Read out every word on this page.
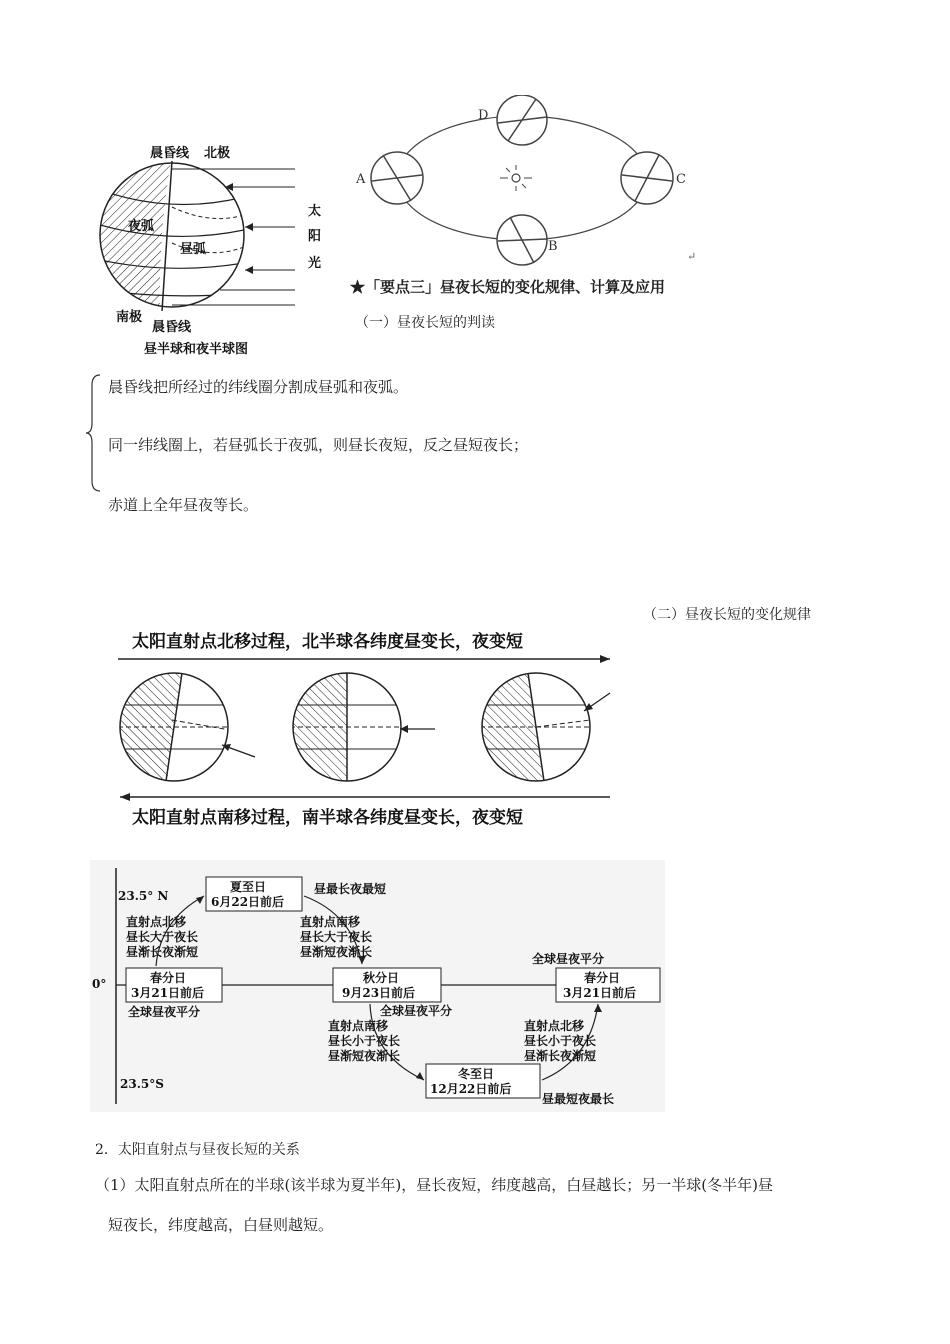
晨昏线 北极
夜弧
昼弧
太
阳
光
南极
晨昏线
昼半球和夜半球图
A
B
C
D
↵
★「要点三」昼夜长短的变化规律、计算及应用
（一）昼夜长短的判读
晨昏线把所经过的纬线圈分割成昼弧和夜弧。
同一纬线圈上，若昼弧长于夜弧，则昼长夜短，反之昼短夜长；
赤道上全年昼夜等长。
（二）昼夜长短的变化规律
太阳直射点北移过程，北半球各纬度昼变长，夜变短
太阳直射点南移过程，南半球各纬度昼变长，夜变短
23.5° N
0°
23.5°S
夏至日
6月22日前后
昼最长夜最短
春分日
3月21日前后
全球昼夜平分
秋分日
9月23日前后
全球昼夜平分
春分日
3月21日前后
全球昼夜平分
冬至日
12月22日前后
昼最短夜最长
直射点北移
昼长大于夜长
昼渐长夜渐短
直射点南移
昼长大于夜长
昼渐短夜渐长
直射点南移
昼长小于夜长
昼渐短夜渐长
直射点北移
昼长小于夜长
昼渐长夜渐短
2．太阳直射点与昼夜长短的关系
（1）太阳直射点所在的半球(该半球为夏半年)，昼长夜短，纬度越高，白昼越长；另一半球(冬半年)昼
短夜长，纬度越高，白昼则越短。
